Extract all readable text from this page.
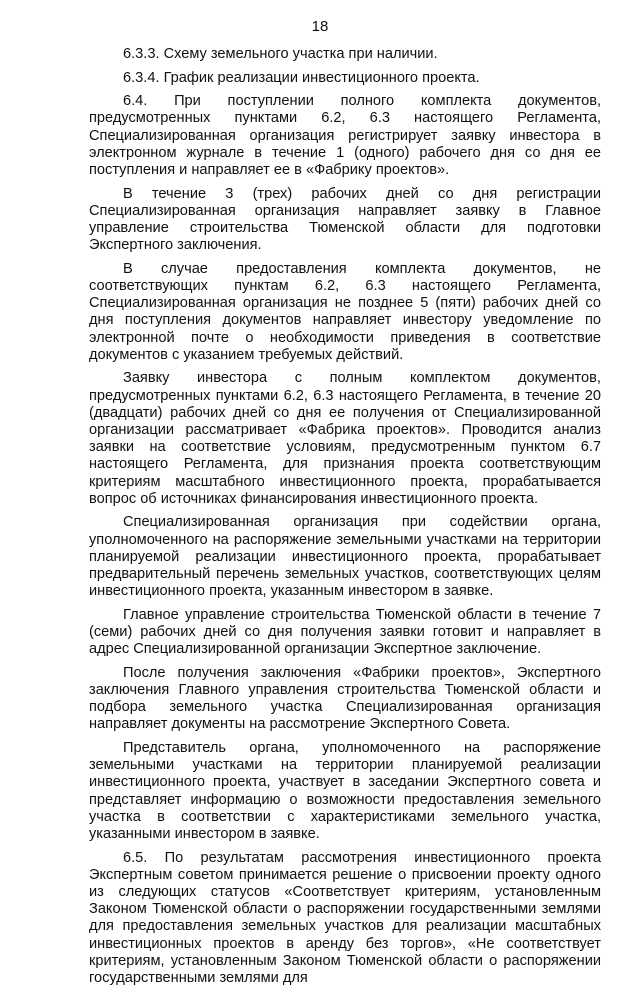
18

6.3.3. Схему земельного участка при наличии.

6.3.4. График реализации инвестиционного проекта.

6.4. При поступлении полного комплекта документов, предусмотренных пунктами 6.2, 6.3 настоящего Регламента, Специализированная организация регистрирует заявку инвестора в электронном журнале в течение 1 (одного) рабочего дня со дня ее поступления и направляет ее в «Фабрику проектов».

В течение 3 (трех) рабочих дней со дня регистрации Специализированная организация направляет заявку в Главное управление строительства Тюменской области для подготовки Экспертного заключения.

В случае предоставления комплекта документов, не соответствующих пунктам 6.2, 6.3 настоящего Регламента, Специализированная организация не позднее 5 (пяти) рабочих дней со дня поступления документов направляет инвестору уведомление по электронной почте о необходимости приведения в соответствие документов с указанием требуемых действий.

Заявку инвестора с полным комплектом документов, предусмотренных пунктами 6.2, 6.3 настоящего Регламента, в течение 20 (двадцати) рабочих дней со дня ее получения от Специализированной организации рассматривает «Фабрика проектов». Проводится анализ заявки на соответствие условиям, предусмотренным пунктом 6.7 настоящего Регламента, для признания проекта соответствующим критериям масштабного инвестиционного проекта, прорабатывается вопрос об источниках финансирования инвестиционного проекта.

Специализированная организация при содействии органа, уполномоченного на распоряжение земельными участками на территории планируемой реализации инвестиционного проекта, прорабатывает предварительный перечень земельных участков, соответствующих целям инвестиционного проекта, указанным инвестором в заявке.

Главное управление строительства Тюменской области в течение 7 (семи) рабочих дней со дня получения заявки готовит и направляет в адрес Специализированной организации Экспертное заключение.

После получения заключения «Фабрики проектов», Экспертного заключения Главного управления строительства Тюменской области и подбора земельного участка Специализированная организация направляет документы на рассмотрение Экспертного Совета.

Представитель органа, уполномоченного на распоряжение земельными участками на территории планируемой реализации инвестиционного проекта, участвует в заседании Экспертного совета и представляет информацию о возможности предоставления земельного участка в соответствии с характеристиками земельного участка, указанными инвестором в заявке.

6.5. По результатам рассмотрения инвестиционного проекта Экспертным советом принимается решение о присвоении проекту одного из следующих статусов «Соответствует критериям, установленным Законом Тюменской области о распоряжении государственными землями для предоставления земельных участков для реализации масштабных инвестиционных проектов в аренду без торгов», «Не соответствует критериям, установленным Законом Тюменской области о распоряжении государственными землями для
